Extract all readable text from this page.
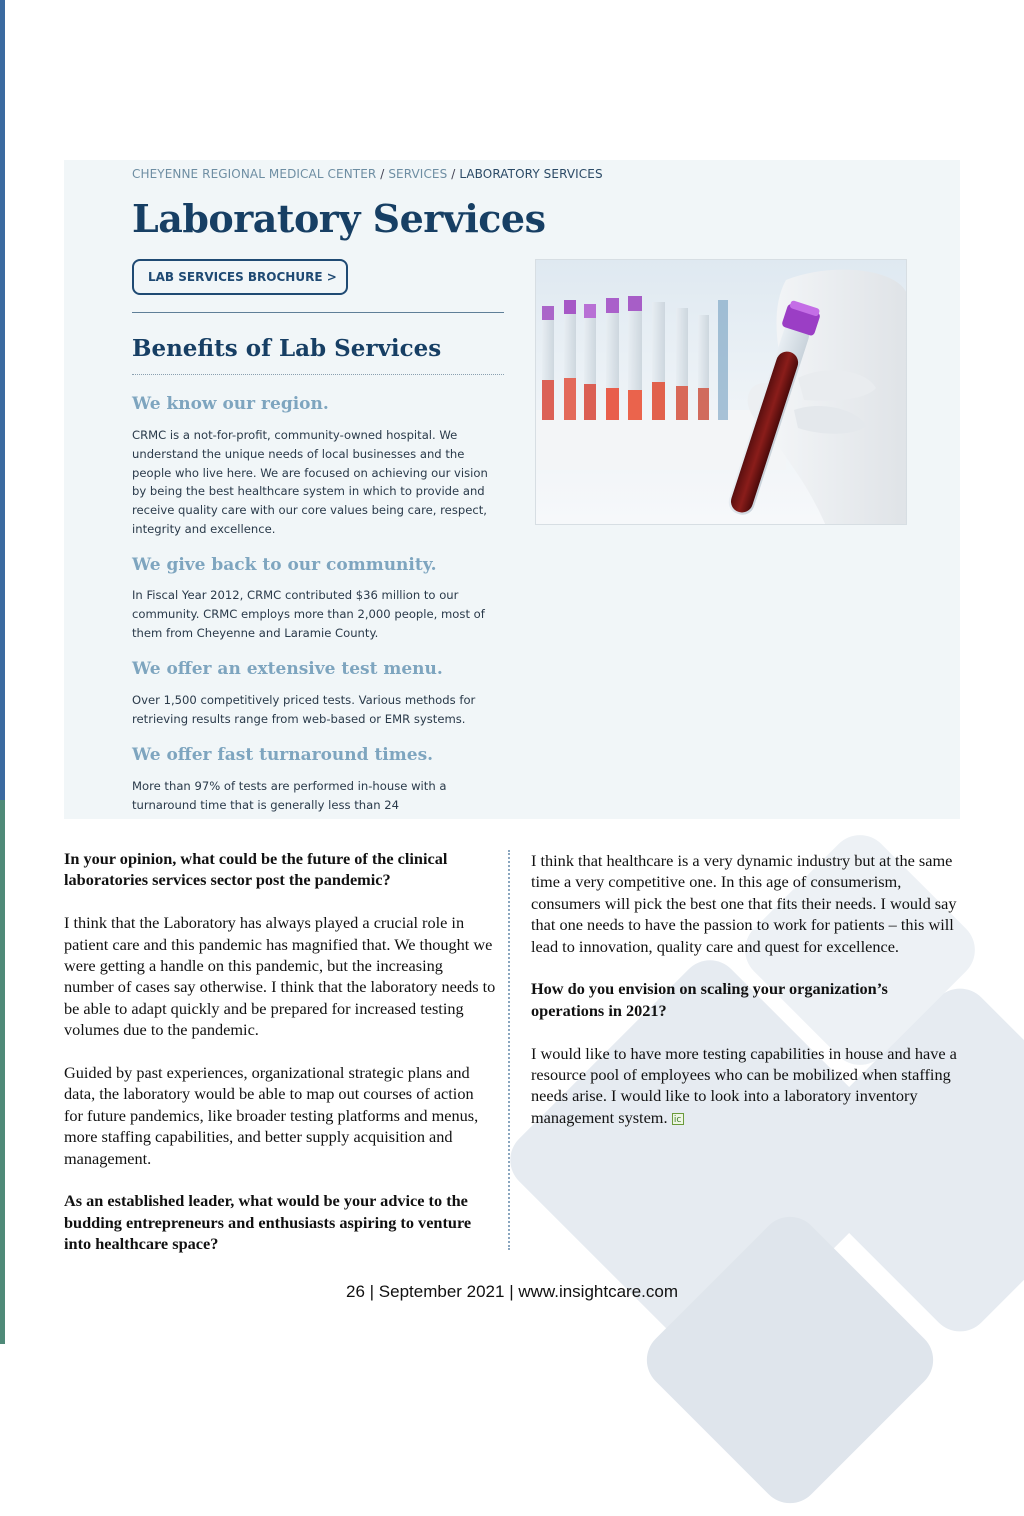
CHEYENNE REGIONAL MEDICAL CENTER / SERVICES / LABORATORY SERVICES
Laboratory Services
LAB SERVICES BROCHURE >
Benefits of Lab Services
We know our region.
CRMC is a not-for-profit, community-owned hospital. We understand the unique needs of local businesses and the people who live here. We are focused on achieving our vision by being the best healthcare system in which to provide and receive quality care with our core values being care, respect, integrity and excellence.
We give back to our community.
In Fiscal Year 2012, CRMC contributed $36 million to our community. CRMC employs more than 2,000 people, most of them from Cheyenne and Laramie County.
We offer an extensive test menu.
Over 1,500 competitively priced tests. Various methods for retrieving results range from web-based or EMR systems.
We offer fast turnaround times.
More than 97% of tests are performed in-house with a turnaround time that is generally less than 24

In your opinion, what could be the future of the clinical laboratories services sector post the pandemic?

I think that the Laboratory has always played a crucial role in patient care and this pandemic has magnified that. We thought we were getting a handle on this pandemic, but the increasing number of cases say otherwise. I think that the laboratory needs to be able to adapt quickly and be prepared for increased testing volumes due to the pandemic.

Guided by past experiences, organizational strategic plans and data, the laboratory would be able to map out courses of action for future pandemics, like broader testing platforms and menus, more staffing capabilities, and better supply acquisition and management.

As an established leader, what would be your advice to the budding entrepreneurs and enthusiasts aspiring to venture into healthcare space?

I think that healthcare is a very dynamic industry but at the same time a very competitive one. In this age of consumerism, consumers will pick the best one that fits their needs. I would say that one needs to have the passion to work for patients – this will lead to innovation, quality care and quest for excellence.

How do you envision on scaling your organization’s operations in 2021?

I would like to have more testing capabilities in house and have a resource pool of employees who can be mobilized when staffing needs arise. I would like to look into a laboratory inventory management system. ic

26 | September 2021 | www.insightcare.com
